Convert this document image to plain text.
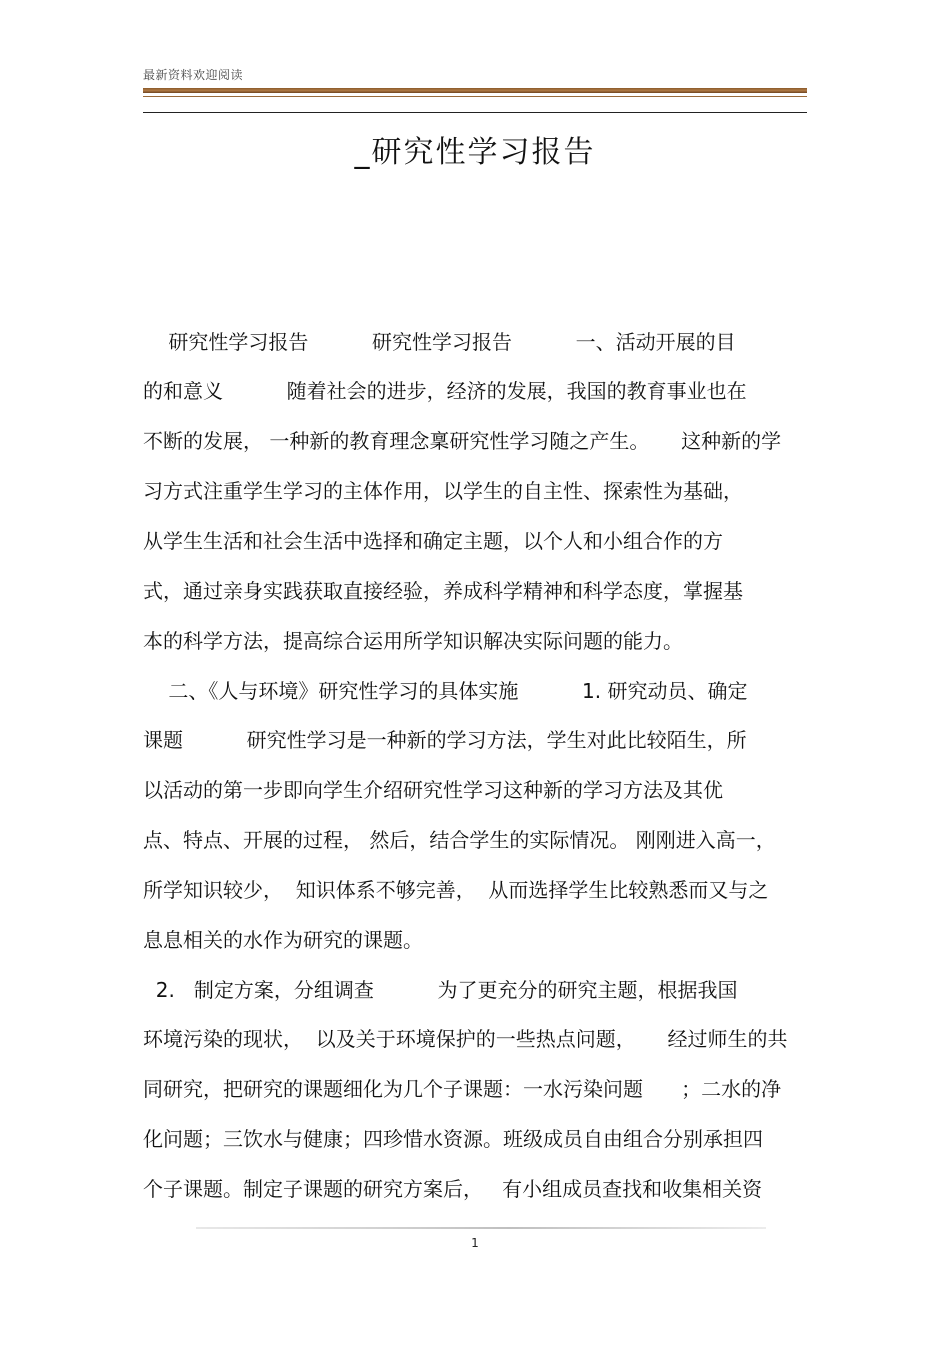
最新资料欢迎阅读
_研究性学习报告
研究性学习报告          研究性学习报告          一、活动开展的目
的和意义          随着社会的进步，经济的发展，我国的教育事业也在
不断的发展， 一种新的教育理念稟研究性学习随之产生。     这种新的学
习方式注重学生学习的主体作用，以学生的自主性、探索性为基础，
从学生生活和社会生活中选择和确定主题，以个人和小组合作的方
式，通过亲身实践获取直接经验，养成科学精神和科学态度，掌握基
本的科学方法，提高综合运用所学知识解决实际问题的能力。
二、《人与环境》研究性学习的具体实施          1. 研究动员、确定
课题          研究性学习是一种新的学习方法，学生对此比较陌生，所
以活动的第一步即向学生介绍研究性学习这种新的学习方法及其优
点、特点、开展的过程， 然后，结合学生的实际情况。 刚刚进入高一，
所学知识较少，  知识体系不够完善，  从而选择学生比较熟悉而又与之
息息相关的水作为研究的课题。
2.   制定方案，分组调查          为了更充分的研究主题，根据我国
环境污染的现状，  以及关于环境保护的一些热点问题，     经过师生的共
同研究，把研究的课题细化为几个子课题：一水污染问题      ；二水的净
化问题；三饮水与健康；四珍惜水资源。班级成员自由组合分别承担四
个子课题。制定子课题的研究方案后，   有小组成员查找和收集相关资
1
